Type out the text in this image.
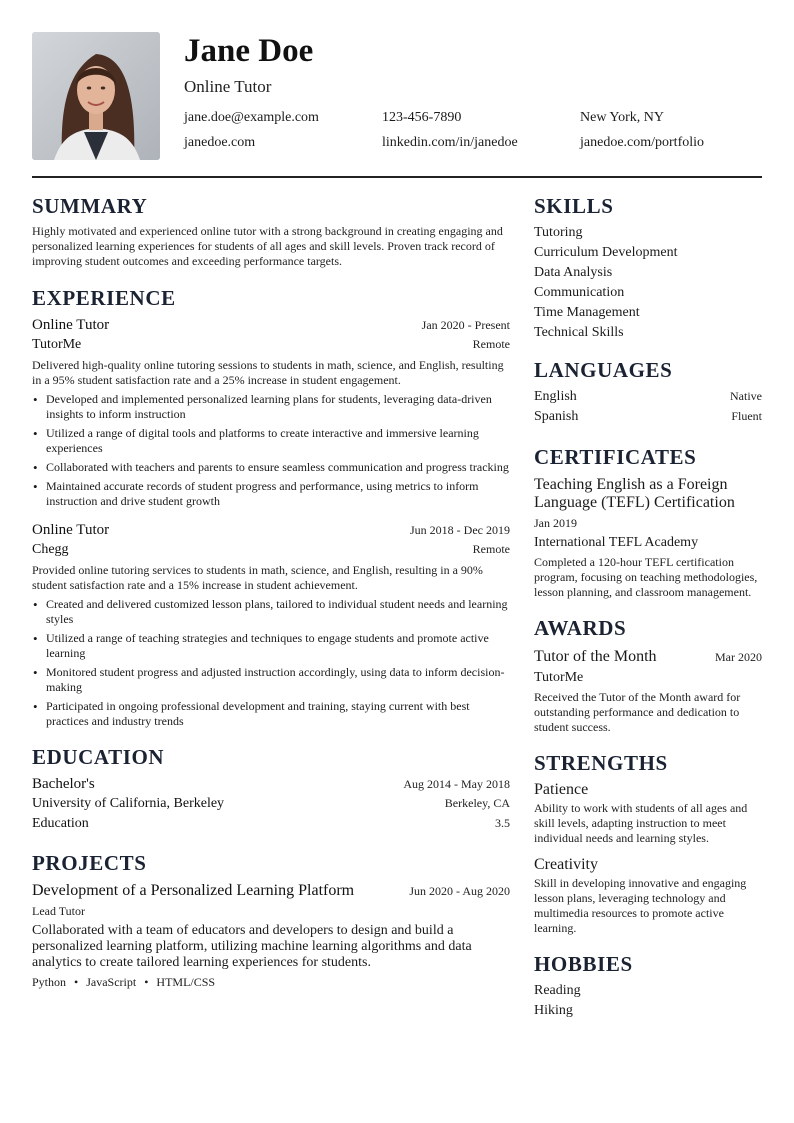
Jane Doe
Online Tutor
jane.doe@example.com	123-456-7890	New York, NY
janedoe.com	linkedin.com/in/janedoe	janedoe.com/portfolio
SUMMARY
Highly motivated and experienced online tutor with a strong background in creating engaging and personalized learning experiences for students of all ages and skill levels. Proven track record of improving student outcomes and exceeding performance targets.
EXPERIENCE
Online Tutor	Jan 2020 - Present
TutorMe	Remote
Delivered high-quality online tutoring sessions to students in math, science, and English, resulting in a 95% student satisfaction rate and a 25% increase in student engagement.
• Developed and implemented personalized learning plans for students, leveraging data-driven insights to inform instruction
• Utilized a range of digital tools and platforms to create interactive and immersive learning experiences
• Collaborated with teachers and parents to ensure seamless communication and progress tracking
• Maintained accurate records of student progress and performance, using metrics to inform instruction and drive student growth
Online Tutor	Jun 2018 - Dec 2019
Chegg	Remote
Provided online tutoring services to students in math, science, and English, resulting in a 90% student satisfaction rate and a 15% increase in student achievement.
• Created and delivered customized lesson plans, tailored to individual student needs and learning styles
• Utilized a range of teaching strategies and techniques to engage students and promote active learning
• Monitored student progress and adjusted instruction accordingly, using data to inform decision-making
• Participated in ongoing professional development and training, staying current with best practices and industry trends
EDUCATION
Bachelor's	Aug 2014 - May 2018
University of California, Berkeley	Berkeley, CA
Education	3.5
PROJECTS
Development of a Personalized Learning Platform	Jun 2020 - Aug 2020
Lead Tutor
Collaborated with a team of educators and developers to design and build a personalized learning platform, utilizing machine learning algorithms and data analytics to create tailored learning experiences for students.
Python • JavaScript • HTML/CSS
SKILLS
Tutoring
Curriculum Development
Data Analysis
Communication
Time Management
Technical Skills
LANGUAGES
English	Native
Spanish	Fluent
CERTIFICATES
Teaching English as a Foreign Language (TEFL) Certification
Jan 2019
International TEFL Academy
Completed a 120-hour TEFL certification program, focusing on teaching methodologies, lesson planning, and classroom management.
AWARDS
Tutor of the Month	Mar 2020
TutorMe
Received the Tutor of the Month award for outstanding performance and dedication to student success.
STRENGTHS
Patience
Ability to work with students of all ages and skill levels, adapting instruction to meet individual needs and learning styles.
Creativity
Skill in developing innovative and engaging lesson plans, leveraging technology and multimedia resources to promote active learning.
HOBBIES
Reading
Hiking
